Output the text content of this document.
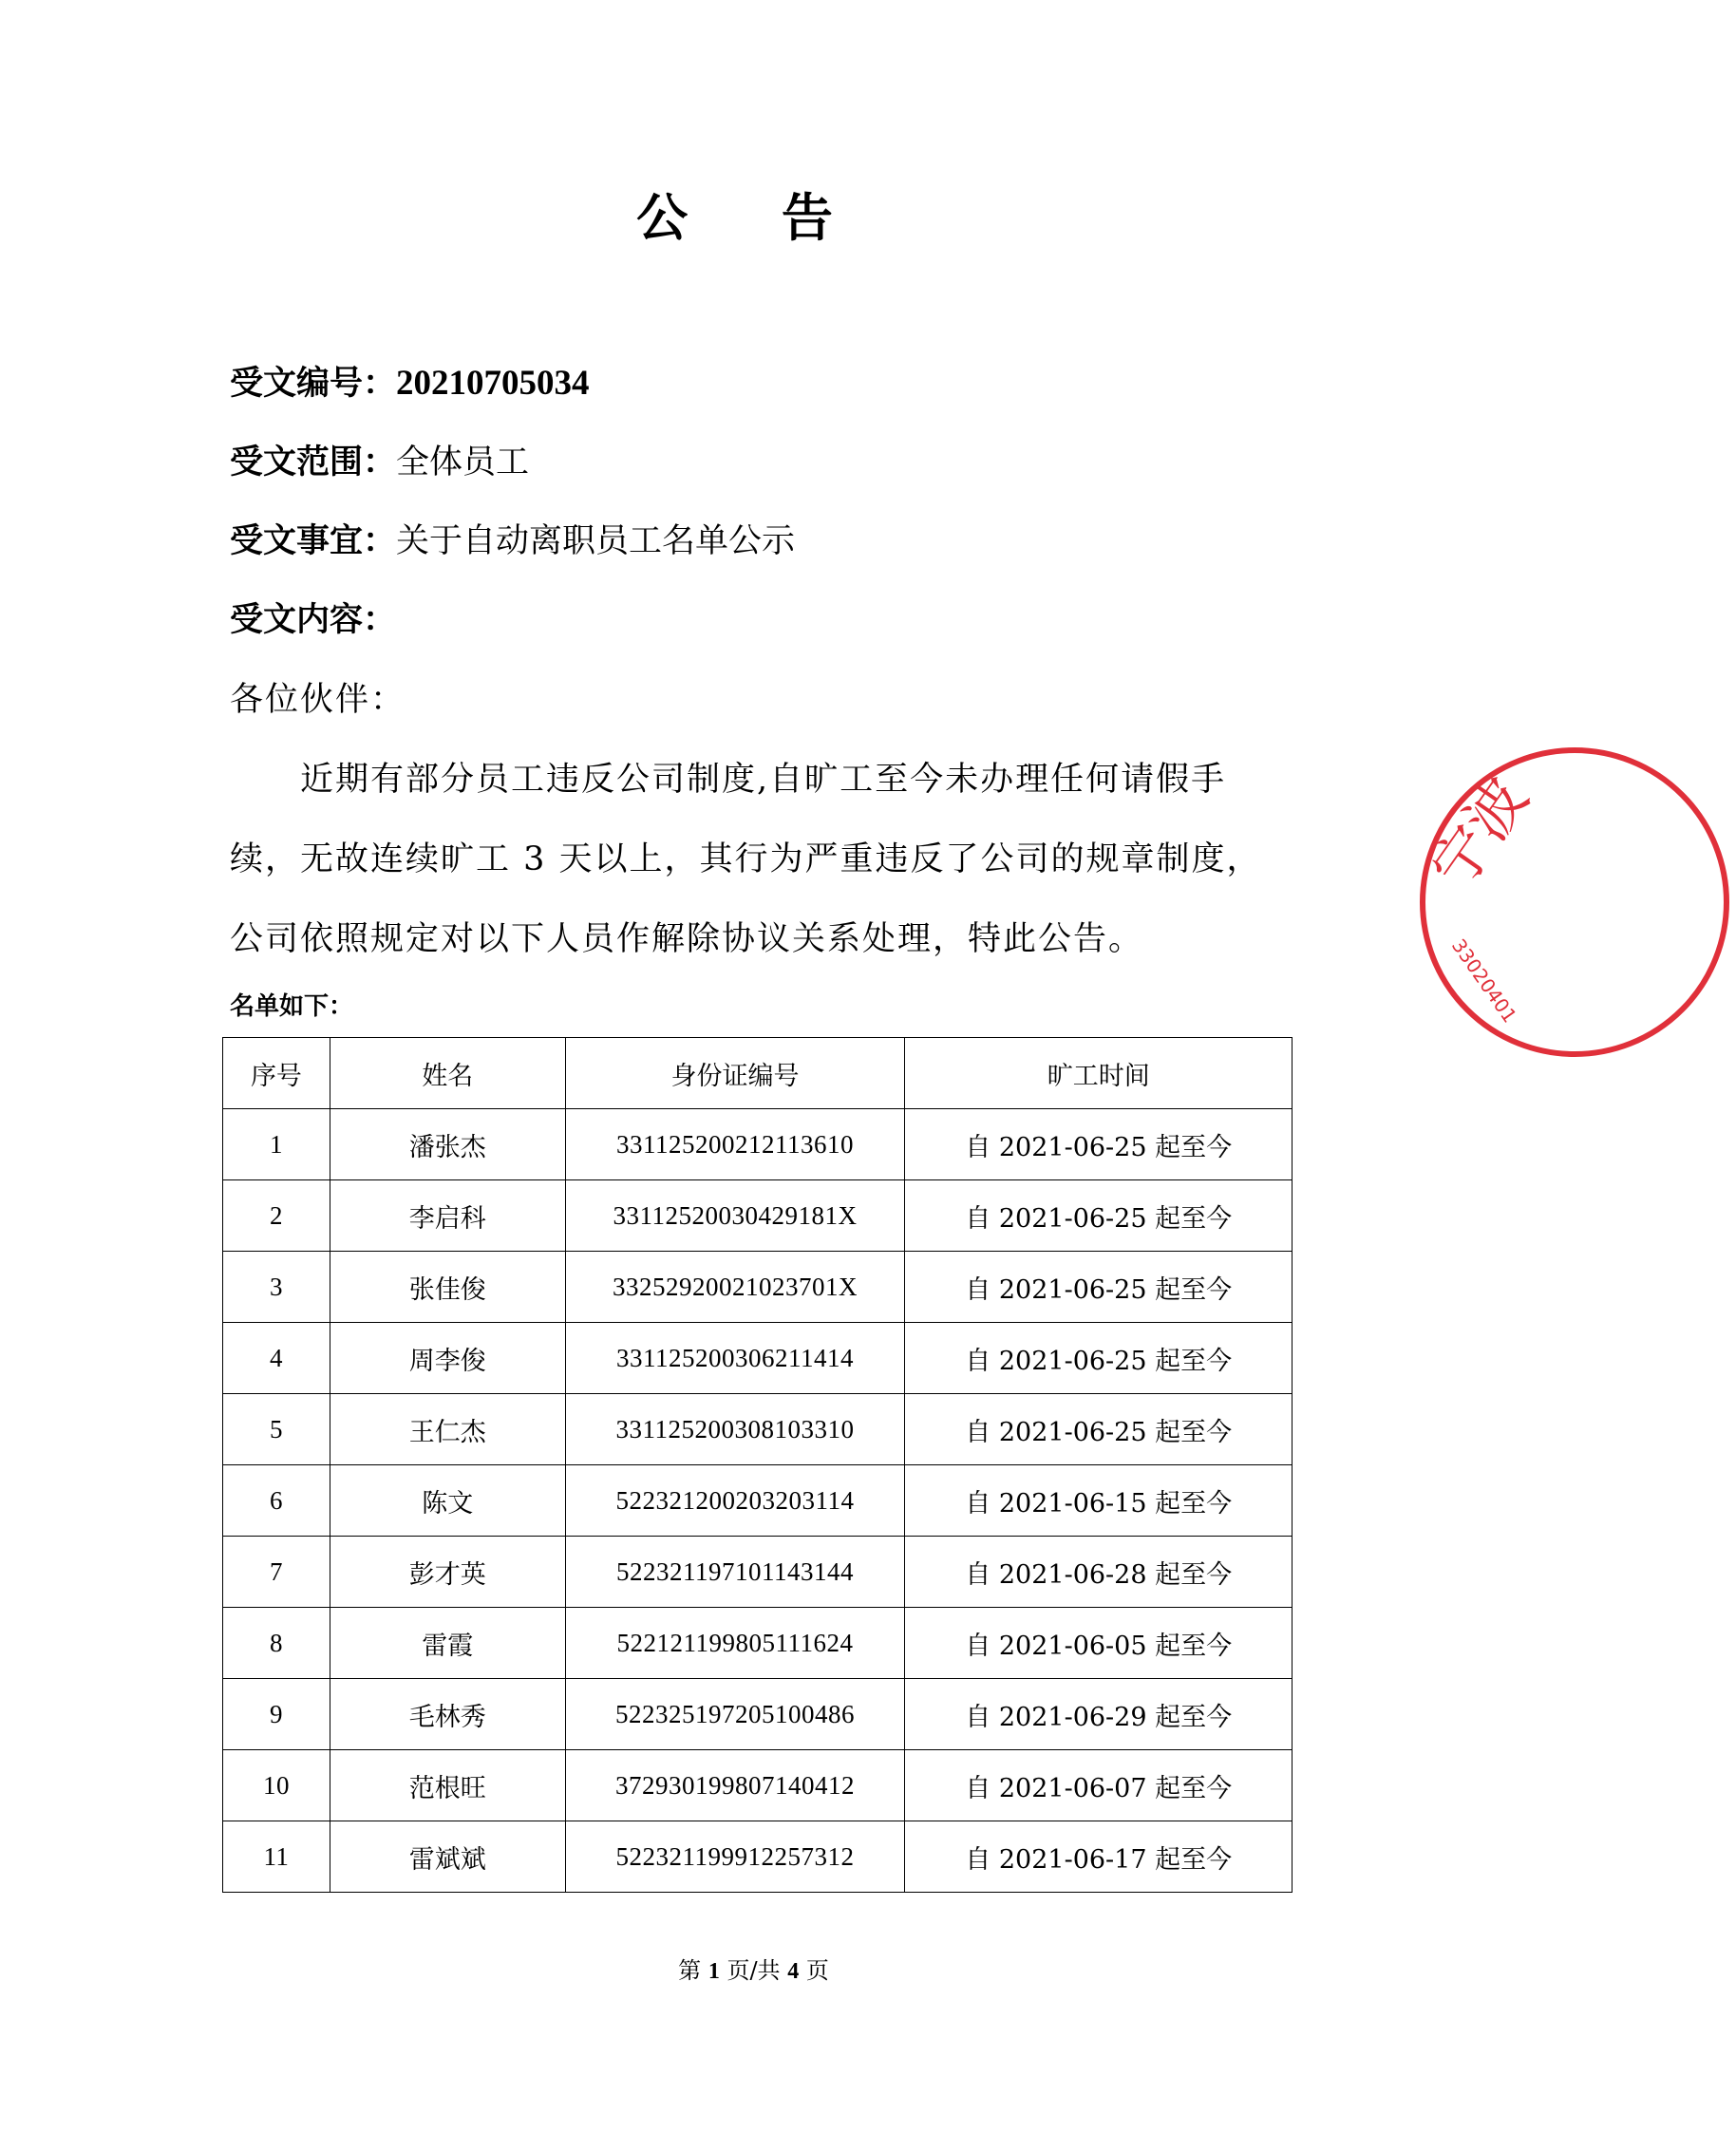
公 告
受文编号：20210705034
受文范围：全体员工
受文事宜：关于自动离职员工名单公示
受文内容：

各位伙伴：

近期有部分员工违反公司制度,自旷工至今未办理任何请假手续，无故连续旷工 3 天以上，其行为严重违反了公司的规章制度，公司依照规定对以下人员作解除协议关系处理，特此公告。

名单如下：
序号	姓名	身份证编号	旷工时间
1	潘张杰	331125200212113610	自 2021-06-25 起至今
2	李启科	33112520030429181X	自 2021-06-25 起至今
3	张佳俊	33252920021023701X	自 2021-06-25 起至今
4	周李俊	331125200306211414	自 2021-06-25 起至今
5	王仁杰	331125200308103310	自 2021-06-25 起至今
6	陈文	522321200203203114	自 2021-06-15 起至今
7	彭才英	522321197101143144	自 2021-06-28 起至今
8	雷霞	522121199805111624	自 2021-06-05 起至今
9	毛林秀	522325197205100486	自 2021-06-29 起至今
10	范根旺	372930199807140412	自 2021-06-07 起至今
11	雷斌斌	522321199912257312	自 2021-06-17 起至今
第 1 页/共 4 页
宁波
33020401
